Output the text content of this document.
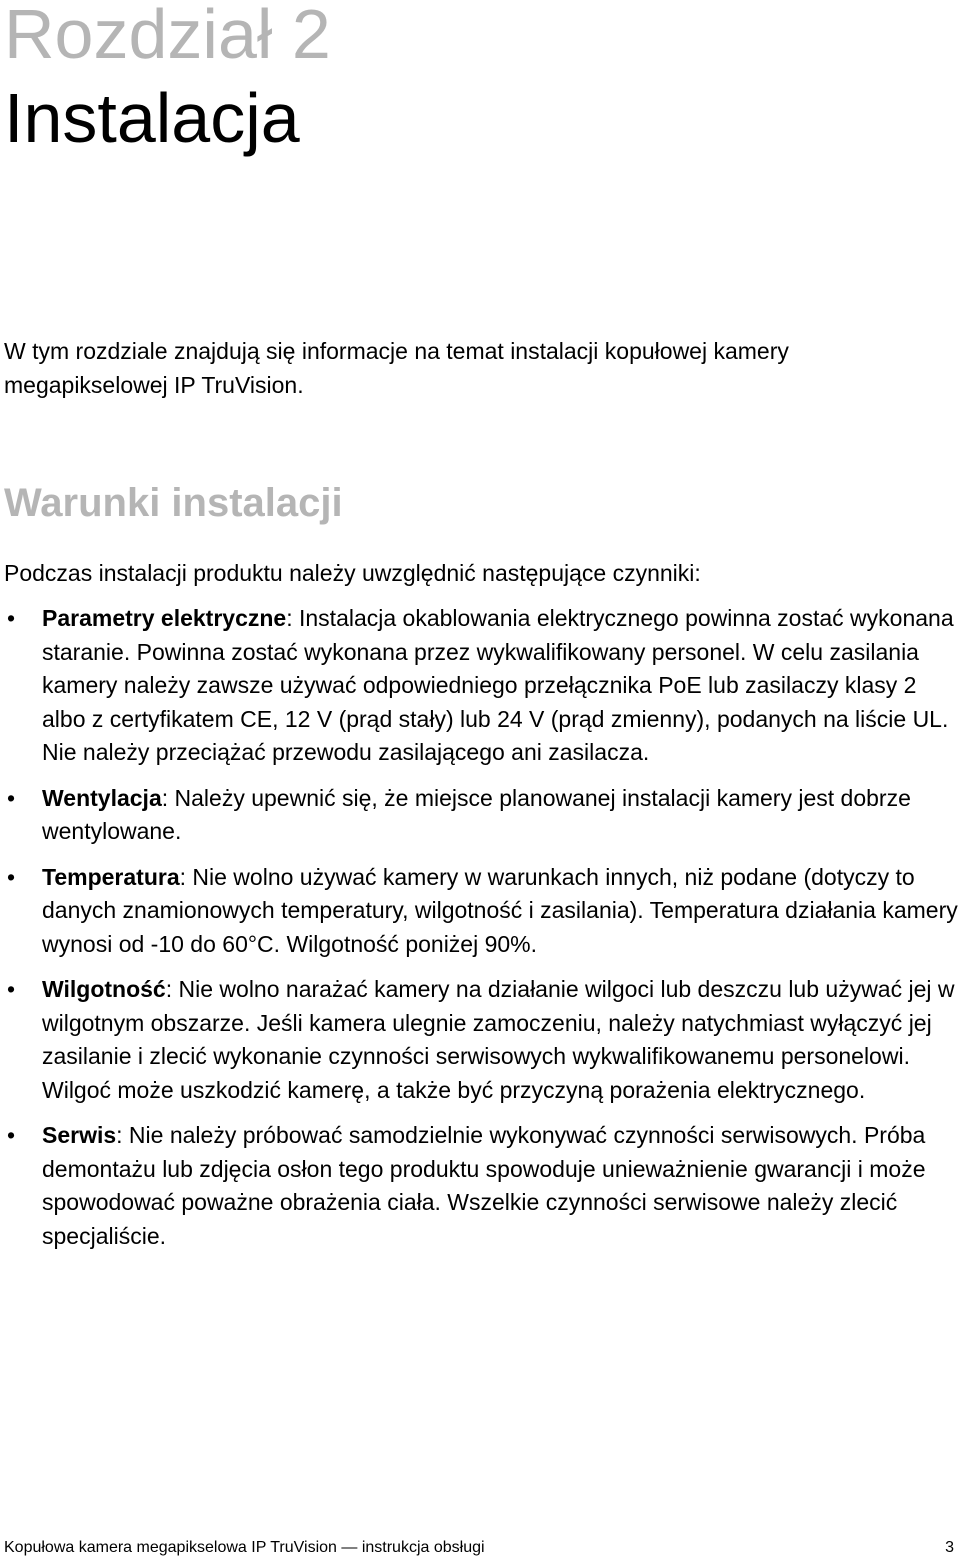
Rozdział 2
Instalacja

W tym rozdziale znajdują się informacje na temat instalacji kopułowej kamery megapikselowej IP TruVision.

Warunki instalacji

Podczas instalacji produktu należy uwzględnić następujące czynniki:

• Parametry elektryczne: Instalacja okablowania elektrycznego powinna zostać wykonana staranie. Powinna zostać wykonana przez wykwalifikowany personel. W celu zasilania kamery należy zawsze używać odpowiedniego przełącznika PoE lub zasilaczy klasy 2 albo z certyfikatem CE, 12 V (prąd stały) lub 24 V (prąd zmienny), podanych na liście UL. Nie należy przeciążać przewodu zasilającego ani zasilacza.
• Wentylacja: Należy upewnić się, że miejsce planowanej instalacji kamery jest dobrze wentylowane.
• Temperatura: Nie wolno używać kamery w warunkach innych, niż podane (dotyczy to danych znamionowych temperatury, wilgotność i zasilania). Temperatura działania kamery wynosi od -10 do 60°C. Wilgotność poniżej 90%.
• Wilgotność: Nie wolno narażać kamery na działanie wilgoci lub deszczu lub używać jej w wilgotnym obszarze. Jeśli kamera ulegnie zamoczeniu, należy natychmiast wyłączyć jej zasilanie i zlecić wykonanie czynności serwisowych wykwalifikowanemu personelowi. Wilgoć może uszkodzić kamerę, a także być przyczyną porażenia elektrycznego.
• Serwis: Nie należy próbować samodzielnie wykonywać czynności serwisowych. Próba demontażu lub zdjęcia osłon tego produktu spowoduje unieważnienie gwarancji i może spowodować poważne obrażenia ciała. Wszelkie czynności serwisowe należy zlecić specjaliście.
Kopułowa kamera megapikselowa IP TruVision — instrukcja obsługi	3
